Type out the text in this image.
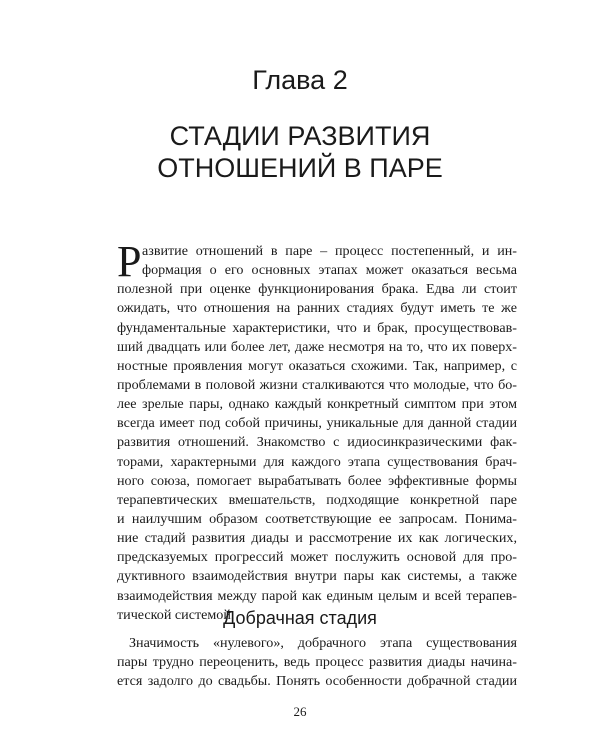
Глава 2
СТАДИИ РАЗВИТИЯ
ОТНОШЕНИЙ В ПАРЕ
Р азвитие отношений в паре – процесс постепенный, и ин-
формация о его основных этапах может оказаться весьма
полезной при оценке функционирования брака. Едва ли стоит
ожидать, что отношения на ранних стадиях будут иметь те же
фундаментальные характеристики, что и брак, просуществовав-
ший двадцать или более лет, даже несмотря на то, что их поверх-
ностные проявления могут оказаться схожими. Так, например, с
проблемами в половой жизни сталкиваются что молодые, что бо-
лее зрелые пары, однако каждый конкретный симптом при этом
всегда имеет под собой причины, уникальные для данной стадии
развития отношений. Знакомство с идиосинкразическими фак-
торами, характерными для каждого этапа существования брач-
ного союза, помогает вырабатывать более эффективные формы
терапевтических вмешательств, подходящие конкретной паре
и наилучшим образом соответствующие ее запросам. Понима-
ние стадий развития диады и рассмотрение их как логических,
предсказуемых прогрессий может послужить основой для про-
дуктивного взаимодействия внутри пары как системы, а также
взаимодействия между парой как единым целым и всей терапев-
тической системой.
Добрачная стадия
Значимость «нулевого», добрачного этапа существования
пары трудно переоценить, ведь процесс развития диады начина-
ется задолго до свадьбы. Понять особенности добрачной стадии
26
